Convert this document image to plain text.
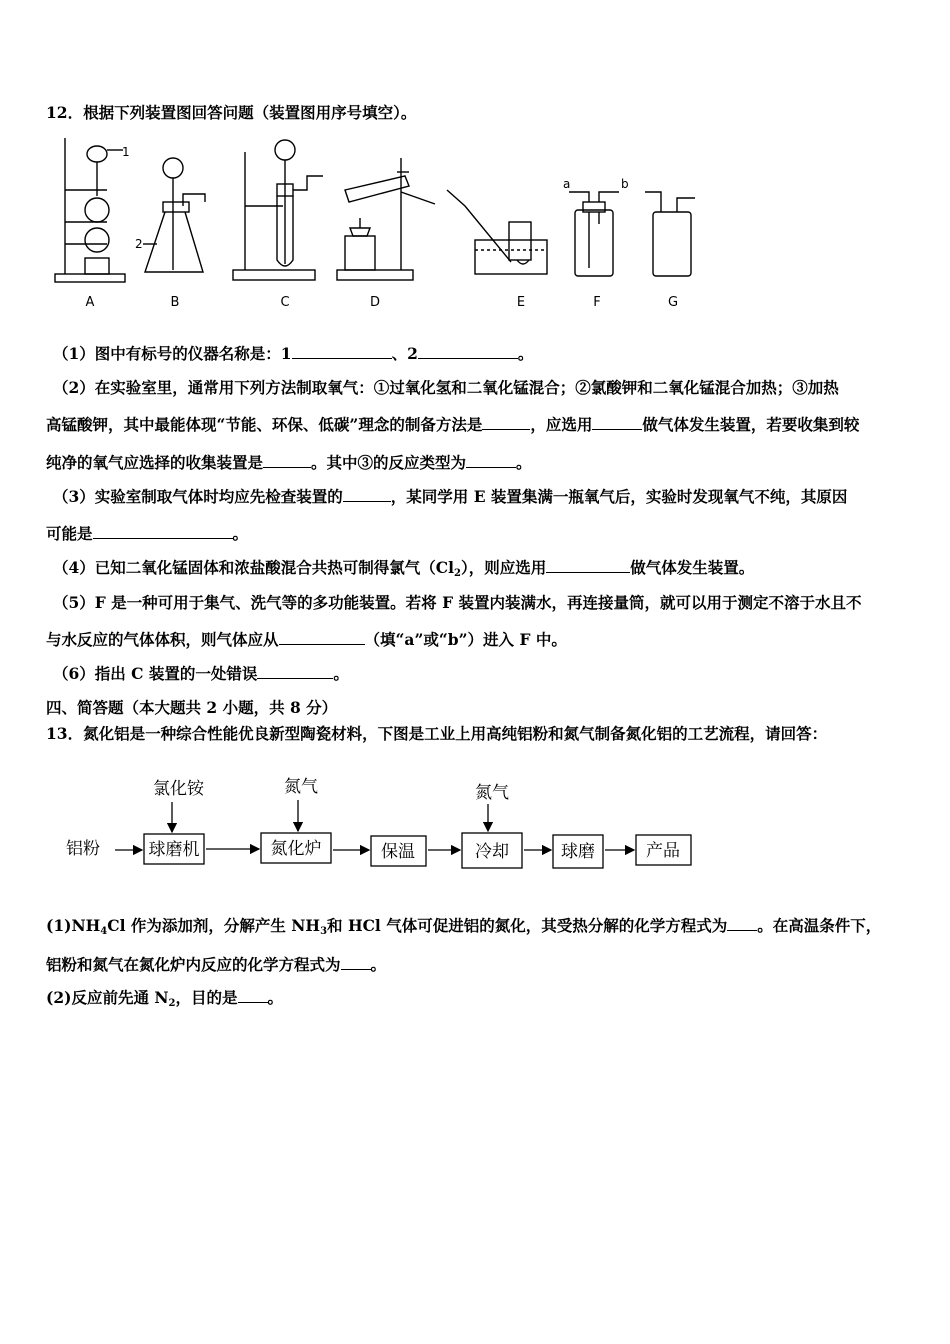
12．根据下列装置图回答问题（装置图用序号填空）。
1
2
a	b
A	B	C	D	E	F	G
（1）图中有标号的仪器名称是：1	、2	。
（2）在实验室里，通常用下列方法制取氧气：①过氧化氢和二氧化锰混合；②氯酸钾和二氧化锰混合加热；③加热
高锰酸钾，其中最能体现“节能、环保、低碳”理念的制备方法是	，应选用	做气体发生装置，若要收集到较
纯净的氧气应选择的收集装置是	。其中③的反应类型为	。
（3）实验室制取气体时均应先检查装置的	，某同学用 E 装置集满一瓶氧气后，实验时发现氧气不纯，其原因
可能是	。
（4）已知二氧化锰固体和浓盐酸混合共热可制得氯气$(Cl_2)$，则应选用	做气体发生装置。
（5）F 是一种可用于集气、洗气等的多功能装置。若将 F 装置内装满水，再连接量筒，就可以用于测定不溶于水且不
与水反应的气体体积，则气体应从	（填“a”或“b”）进入 F 中。
（6）指出 C 装置的一处错误	。
四、简答题（本大题共 2 小题，共 8 分）
13．氮化铝是一种综合性能优良新型陶瓷材料，下图是工业上用高纯铝粉和氮气制备氮化铝的工艺流程，请回答：
铝粉
氯化铵	氮气	氮气
球磨机	氮化炉	保温	冷却	球磨	产品
$(1)NH_4Cl$ 作为添加剂，分解产生 $NH_3$和 HCl 气体可促进铝的氮化，其受热分解的化学方程式为 。在高温条件下，
铝粉和氮气在氮化炉内反应的化学方程式为 。
(2)反应前先通 $N_2$，目的是 。
